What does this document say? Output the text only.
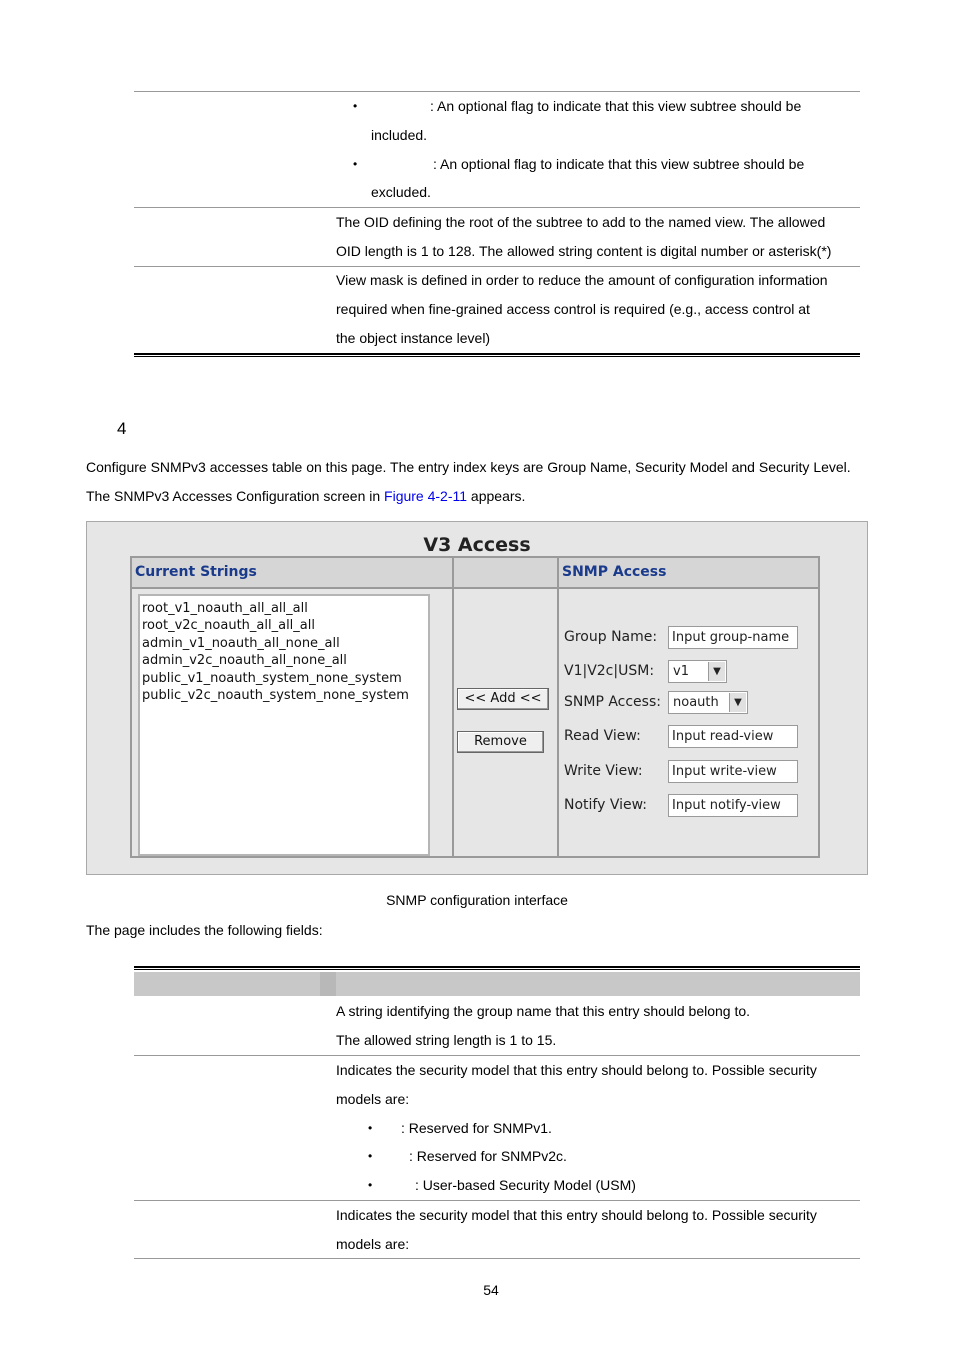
•	: An optional flag to indicate that this view subtree should be
included.
•	: An optional flag to indicate that this view subtree should be
excluded.
The OID defining the root of the subtree to add to the named view. The allowed
OID length is 1 to 128. The allowed string content is digital number or asterisk(*)
View mask is defined in order to reduce the amount of configuration information
required when fine-grained access control is required (e.g., access control at
the object instance level)
4
Configure SNMPv3 accesses table on this page. The entry index keys are Group Name, Security Model and Security Level.
The SNMPv3 Accesses Configuration screen in Figure 4-2-11 appears.
V3 Access
Current Strings
root_v1_noauth_all_all_all
root_v2c_noauth_all_all_all
admin_v1_noauth_all_none_all
admin_v2c_noauth_all_none_all
public_v1_noauth_system_none_system
public_v2c_noauth_system_none_system	<< Add <<
Remove
SNMP Access
Group Name:	Input group-name
V1|V2c|USM: v1	▼
SNMP Access: noauth	▼
Read View:	Input read-view
Write View:	Input write-view
Notify View:	Input notify-view
SNMP configuration interface
The page includes the following fields:
A string identifying the group name that this entry should belong to.
The allowed string length is 1 to 15.
Indicates the security model that this entry should belong to. Possible security
models are:
• : Reserved for SNMPv1.
•	: Reserved for SNMPv2c.
•	: User-based Security Model (USM)
Indicates the security model that this entry should belong to. Possible security
models are:
54
